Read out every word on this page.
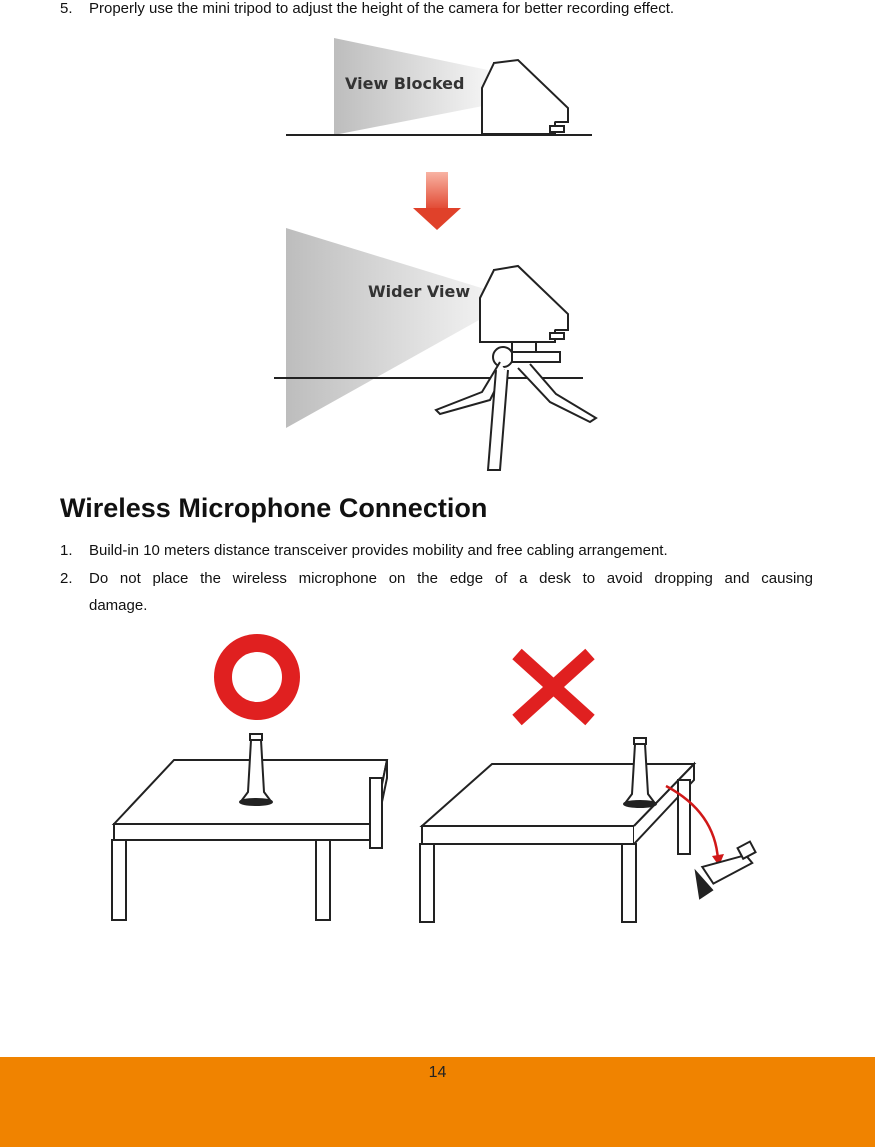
5. Properly use the mini tripod to adjust the height of the camera for better recording effect.
View Blocked
Wider View
Wireless Microphone Connection
1. Build-in 10 meters distance transceiver provides mobility and free cabling arrangement.
2. Do not place the wireless microphone on the edge of a desk to avoid dropping and causing
damage.
14
